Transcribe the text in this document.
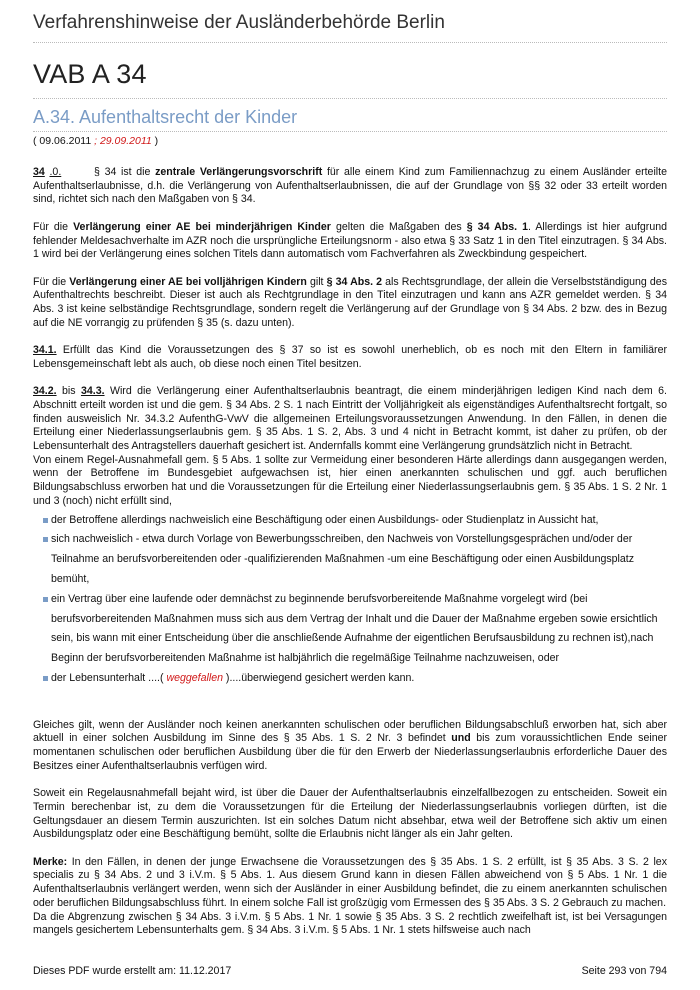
Verfahrenshinweise der Ausländerbehörde Berlin
VAB A 34
A.34. Aufenthaltsrecht der Kinder
( 09.06.2011 ; 29.09.2011 )

34 .0.	§ 34 ist die zentrale Verlängerungsvorschrift für alle einem Kind zum Familiennachzug zu einem Ausländer erteilte Aufenthaltserlaubnisse, d.h. die Verlängerung von Aufenthaltserlaubnissen, die auf der Grundlage von §§ 32 oder 33 erteilt worden sind, richtet sich nach den Maßgaben von § 34.

Für die Verlängerung einer AE bei minderjährigen Kinder gelten die Maßgaben des § 34 Abs. 1. Allerdings ist hier aufgrund fehlender Meldesachverhalte im AZR noch die ursprüngliche Erteilungsnorm - also etwa § 33 Satz 1 in den Titel einzutragen. § 34 Abs. 1 wird bei der Verlängerung eines solchen Titels dann automatisch vom Fachverfahren als Zweckbindung gespeichert.

Für die Verlängerung einer AE bei volljährigen Kindern gilt § 34 Abs. 2 als Rechtsgrundlage, der allein die Verselbstständigung des Aufenthaltrechts beschreibt. Dieser ist auch als Rechtgrundlage in den Titel einzutragen und kann ans AZR gemeldet werden. § 34 Abs. 3 ist keine selbständige Rechtsgrundlage, sondern regelt die Verlängerung auf der Grundlage von § 34 Abs. 2 bzw. des in Bezug auf die NE vorrangig zu prüfenden § 35 (s. dazu unten).

34.1. Erfüllt das Kind die Voraussetzungen des § 37 so ist es sowohl unerheblich, ob es noch mit den Eltern in familiärer Lebensgemeinschaft lebt als auch, ob diese noch einen Titel besitzen.

34.2. bis 34.3. Wird die Verlängerung einer Aufenthaltserlaubnis beantragt, die einem minderjährigen ledigen Kind nach dem 6. Abschnitt erteilt worden ist und die gem. § 34 Abs. 2 S. 1 nach Eintritt der Volljährigkeit als eigenständiges Aufenthaltsrecht fortgalt, so finden ausweislich Nr. 34.3.2 AufenthG-VwV die allgemeinen Erteilungsvoraussetzungen Anwendung. In den Fällen, in denen die Erteilung einer Niederlassungserlaubnis gem. § 35 Abs. 1 S. 2, Abs. 3 und 4 nicht in Betracht kommt, ist daher zu prüfen, ob der Lebensunterhalt des Antragstellers dauerhaft gesichert ist. Andernfalls kommt eine Verlängerung grundsätzlich nicht in Betracht.

Von einem Regel-Ausnahmefall gem. § 5 Abs. 1 sollte zur Vermeidung einer besonderen Härte allerdings dann ausgegangen werden, wenn der Betroffene im Bundesgebiet aufgewachsen ist, hier einen anerkannten schulischen und ggf. auch beruflichen Bildungsabschluss erworben hat und die Voraussetzungen für die Erteilung einer Niederlassungserlaubnis gem. § 35 Abs. 1 S. 2 Nr. 1 und 3 (noch) nicht erfüllt sind,

der Betroffene allerdings nachweislich eine Beschäftigung oder einen Ausbildungs- oder Studienplatz in Aussicht hat,
sich nachweislich - etwa durch Vorlage von Bewerbungsschreiben, den Nachweis von Vorstellungsgesprächen und/oder der Teilnahme an berufsvorbereitenden oder -qualifizierenden Maßnahmen -um eine Beschäftigung oder einen Ausbildungsplatz bemüht,
ein Vertrag über eine laufende oder demnächst zu beginnende berufsvorbereitende Maßnahme vorgelegt wird (bei berufsvorbereitenden Maßnahmen muss sich aus dem Vertrag der Inhalt und die Dauer der Maßnahme ergeben sowie ersichtlich sein, bis wann mit einer Entscheidung über die anschließende Aufnahme der eigentlichen Berufsausbildung zu rechnen ist),nach Beginn der berufsvorbereitenden Maßnahme ist halbjährlich die regelmäßige Teilnahme nachzuweisen, oder
der Lebensunterhalt ....( weggefallen )....überwiegend gesichert werden kann.

Gleiches gilt, wenn der Ausländer noch keinen anerkannten schulischen oder beruflichen Bildungsabschluß erworben hat, sich aber aktuell in einer solchen Ausbildung im Sinne des § 35 Abs. 1 S. 2 Nr. 3 befindet und bis zum voraussichtlichen Ende seiner momentanen schulischen oder beruflichen Ausbildung über die für den Erwerb der Niederlassungserlaubnis erforderliche Dauer des Besitzes einer Aufenthaltserlaubnis verfügen wird.

Soweit ein Regelausnahmefall bejaht wird, ist über die Dauer der Aufenthaltserlaubnis einzelfallbezogen zu entscheiden. Soweit ein Termin berechenbar ist, zu dem die Voraussetzungen für die Erteilung der Niederlassungserlaubnis vorliegen dürften, ist die Geltungsdauer an diesem Termin auszurichten. Ist ein solches Datum nicht absehbar, etwa weil der Betroffene sich aktiv um einen Ausbildungsplatz oder eine Beschäftigung bemüht, sollte die Erlaubnis nicht länger als ein Jahr gelten.

Merke: In den Fällen, in denen der junge Erwachsene die Voraussetzungen des § 35 Abs. 1 S. 2 erfüllt, ist § 35 Abs. 3 S. 2 lex specialis zu § 34 Abs. 2 und 3 i.V.m. § 5 Abs. 1. Aus diesem Grund kann in diesen Fällen abweichend von § 5 Abs. 1 Nr. 1 die Aufenthaltserlaubnis verlängert werden, wenn sich der Ausländer in einer Ausbildung befindet, die zu einem anerkannten schulischen oder beruflichen Bildungsabschluss führt. In einem solche Fall ist großzügig vom Ermessen des § 35 Abs. 3 S. 2 Gebrauch zu machen.

Da die Abgrenzung zwischen § 34 Abs. 3 i.V.m. § 5 Abs. 1 Nr. 1 sowie § 35 Abs. 3 S. 2 rechtlich zweifelhaft ist, ist bei Versagungen mangels gesichertem Lebensunterhalts gem. § 34 Abs. 3 i.V.m. § 5 Abs. 1 Nr. 1 stets hilfsweise auch nach

Dieses PDF wurde erstellt am: 11.12.2017	Seite 293 von 794
